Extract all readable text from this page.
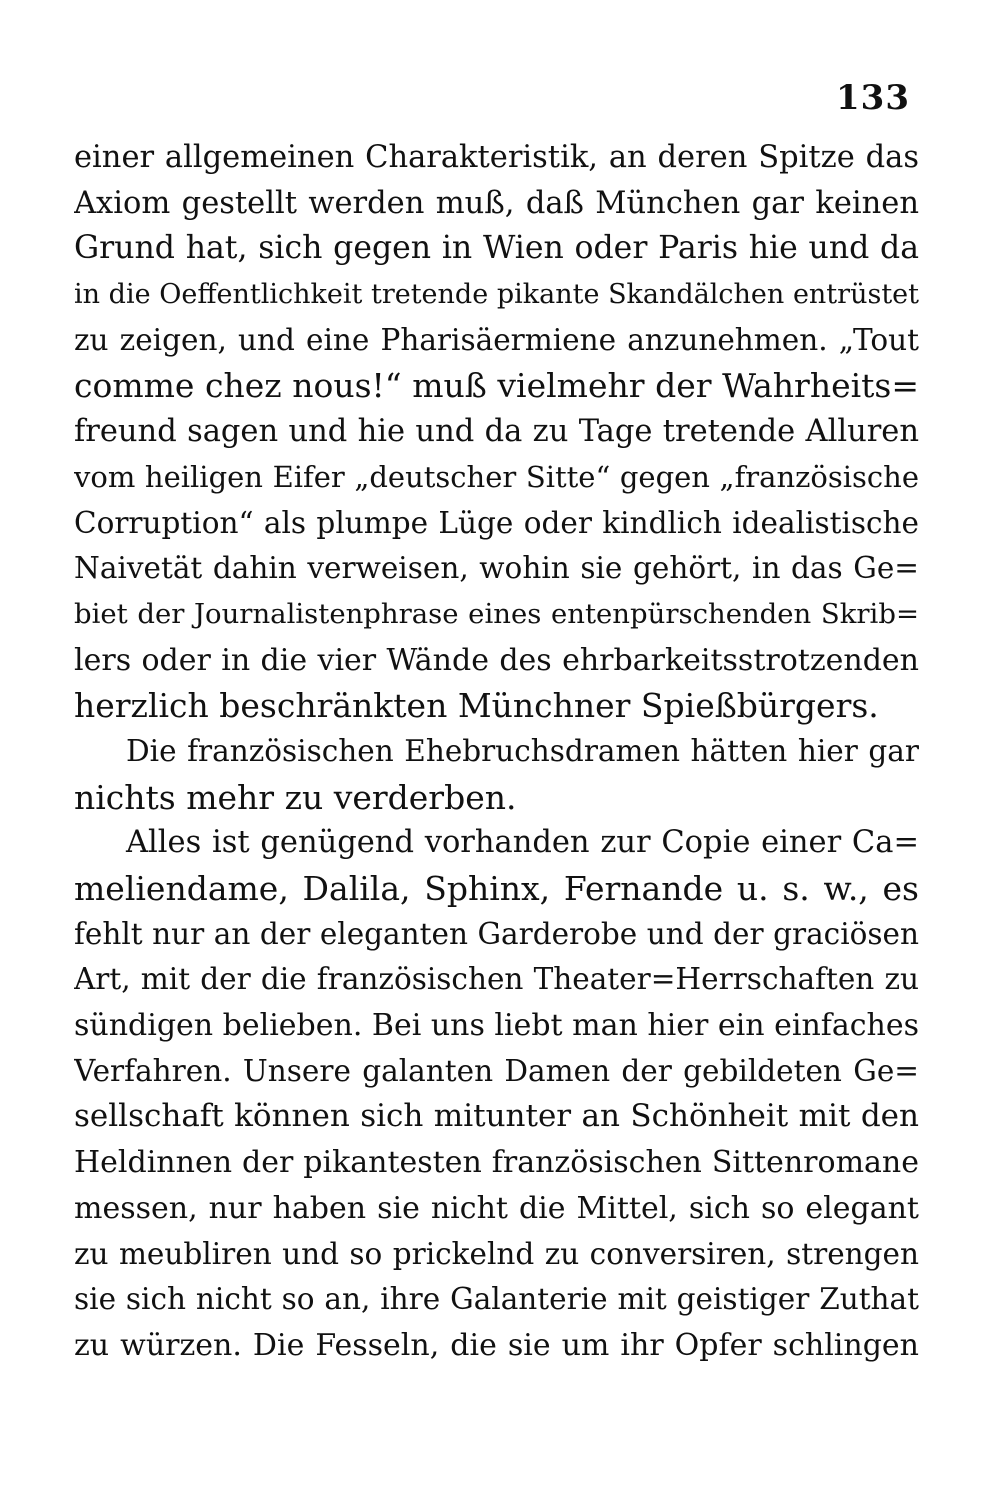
133
einer allgemeinen Charakteristik, an deren Spitze das
Axiom gestellt werden muß, daß München gar keinen
Grund hat, sich gegen in Wien oder Paris hie und da
in die Oeffentlichkeit tretende pikante Skandälchen entrüstet
zu zeigen, und eine Pharisäermiene anzunehmen. „Tout
comme chez nous!“ muß vielmehr der Wahrheits=
freund sagen und hie und da zu Tage tretende Alluren
vom heiligen Eifer „deutscher Sitte“ gegen „französische
Corruption“ als plumpe Lüge oder kindlich idealistische
Naivetät dahin verweisen, wohin sie gehört, in das Ge=
biet der Journalistenphrase eines entenpürschenden Skrib=
lers oder in die vier Wände des ehrbarkeitsstrotzenden
herzlich beschränkten Münchner Spießbürgers.
Die französischen Ehebruchsdramen hätten hier gar
nichts mehr zu verderben.
Alles ist genügend vorhanden zur Copie einer Ca=
meliendame, Dalila, Sphinx, Fernande u. s. w., es
fehlt nur an der eleganten Garderobe und der graciösen
Art, mit der die französischen Theater=Herrschaften zu
sündigen belieben. Bei uns liebt man hier ein einfaches
Verfahren. Unsere galanten Damen der gebildeten Ge=
sellschaft können sich mitunter an Schönheit mit den
Heldinnen der pikantesten französischen Sittenromane
messen, nur haben sie nicht die Mittel, sich so elegant
zu meubliren und so prickelnd zu conversiren, strengen
sie sich nicht so an, ihre Galanterie mit geistiger Zuthat
zu würzen. Die Fesseln, die sie um ihr Opfer schlingen
